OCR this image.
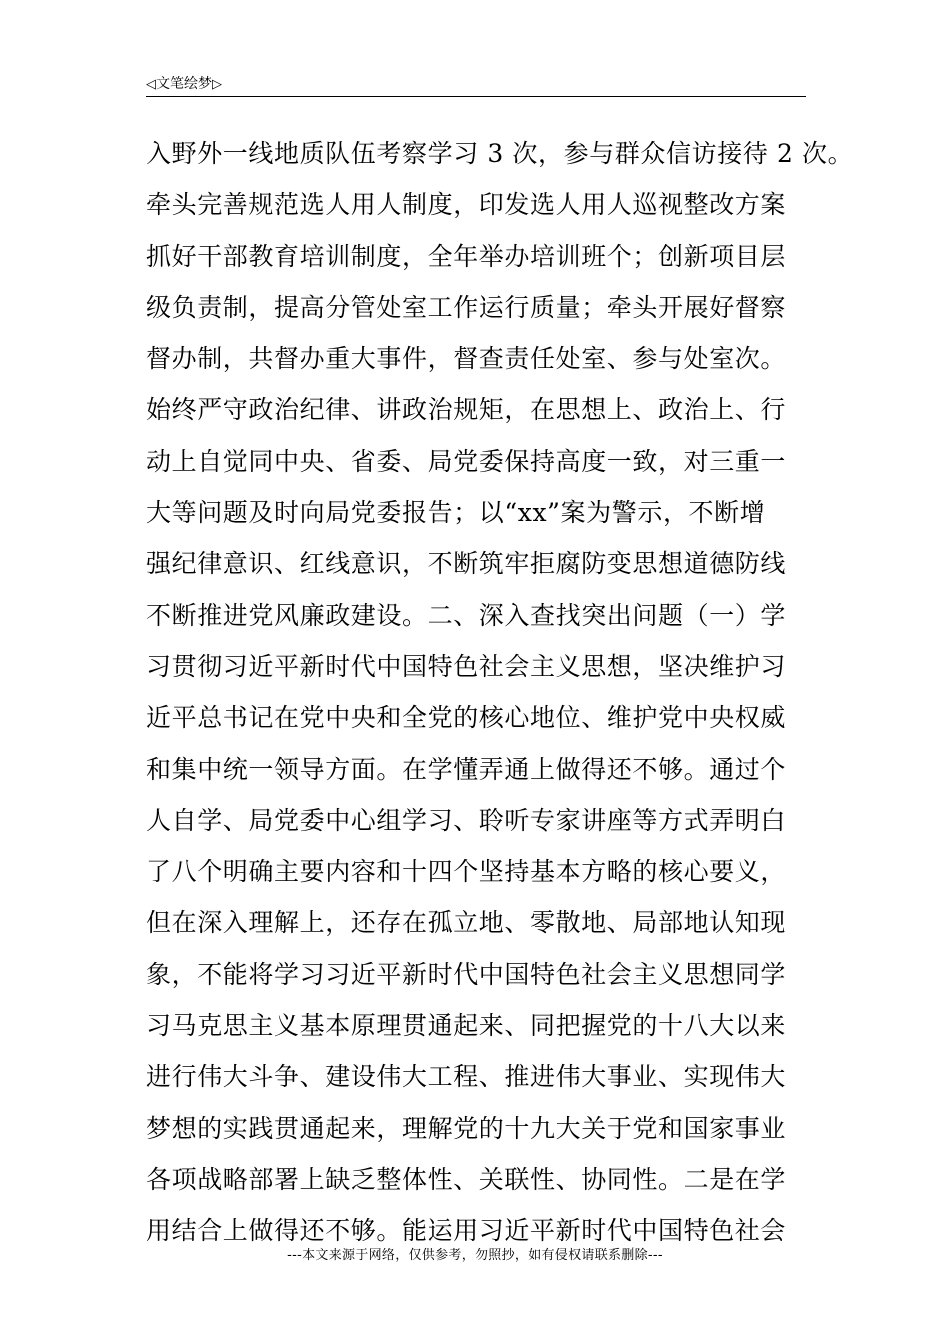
◁文笔绘梦▷
入野外一线地质队伍考察学习 3 次，参与群众信访接待 2 次。
牵头完善规范选人用人制度，印发选人用人巡视整改方案
抓好干部教育培训制度，全年举办培训班个；创新项目层
级负责制，提高分管处室工作运行质量；牵头开展好督察
督办制，共督办重大事件，督查责任处室、参与处室次。
始终严守政治纪律、讲政治规矩，在思想上、政治上、行
动上自觉同中央、省委、局党委保持高度一致，对三重一
大等问题及时向局党委报告；以“xx”案为警示，不断增
强纪律意识、红线意识，不断筑牢拒腐防变思想道德防线
不断推进党风廉政建设。二、深入查找突出问题（一）学
习贯彻习近平新时代中国特色社会主义思想，坚决维护习
近平总书记在党中央和全党的核心地位、维护党中央权威
和集中统一领导方面。在学懂弄通上做得还不够。通过个
人自学、局党委中心组学习、聆听专家讲座等方式弄明白
了八个明确主要内容和十四个坚持基本方略的核心要义，
但在深入理解上，还存在孤立地、零散地、局部地认知现
象，不能将学习习近平新时代中国特色社会主义思想同学
习马克思主义基本原理贯通起来、同把握党的十八大以来
进行伟大斗争、建设伟大工程、推进伟大事业、实现伟大
梦想的实践贯通起来，理解党的十九大关于党和国家事业
各项战略部署上缺乏整体性、关联性、协同性。二是在学
用结合上做得还不够。能运用习近平新时代中国特色社会
---本文来源于网络，仅供参考，勿照抄，如有侵权请联系删除---
